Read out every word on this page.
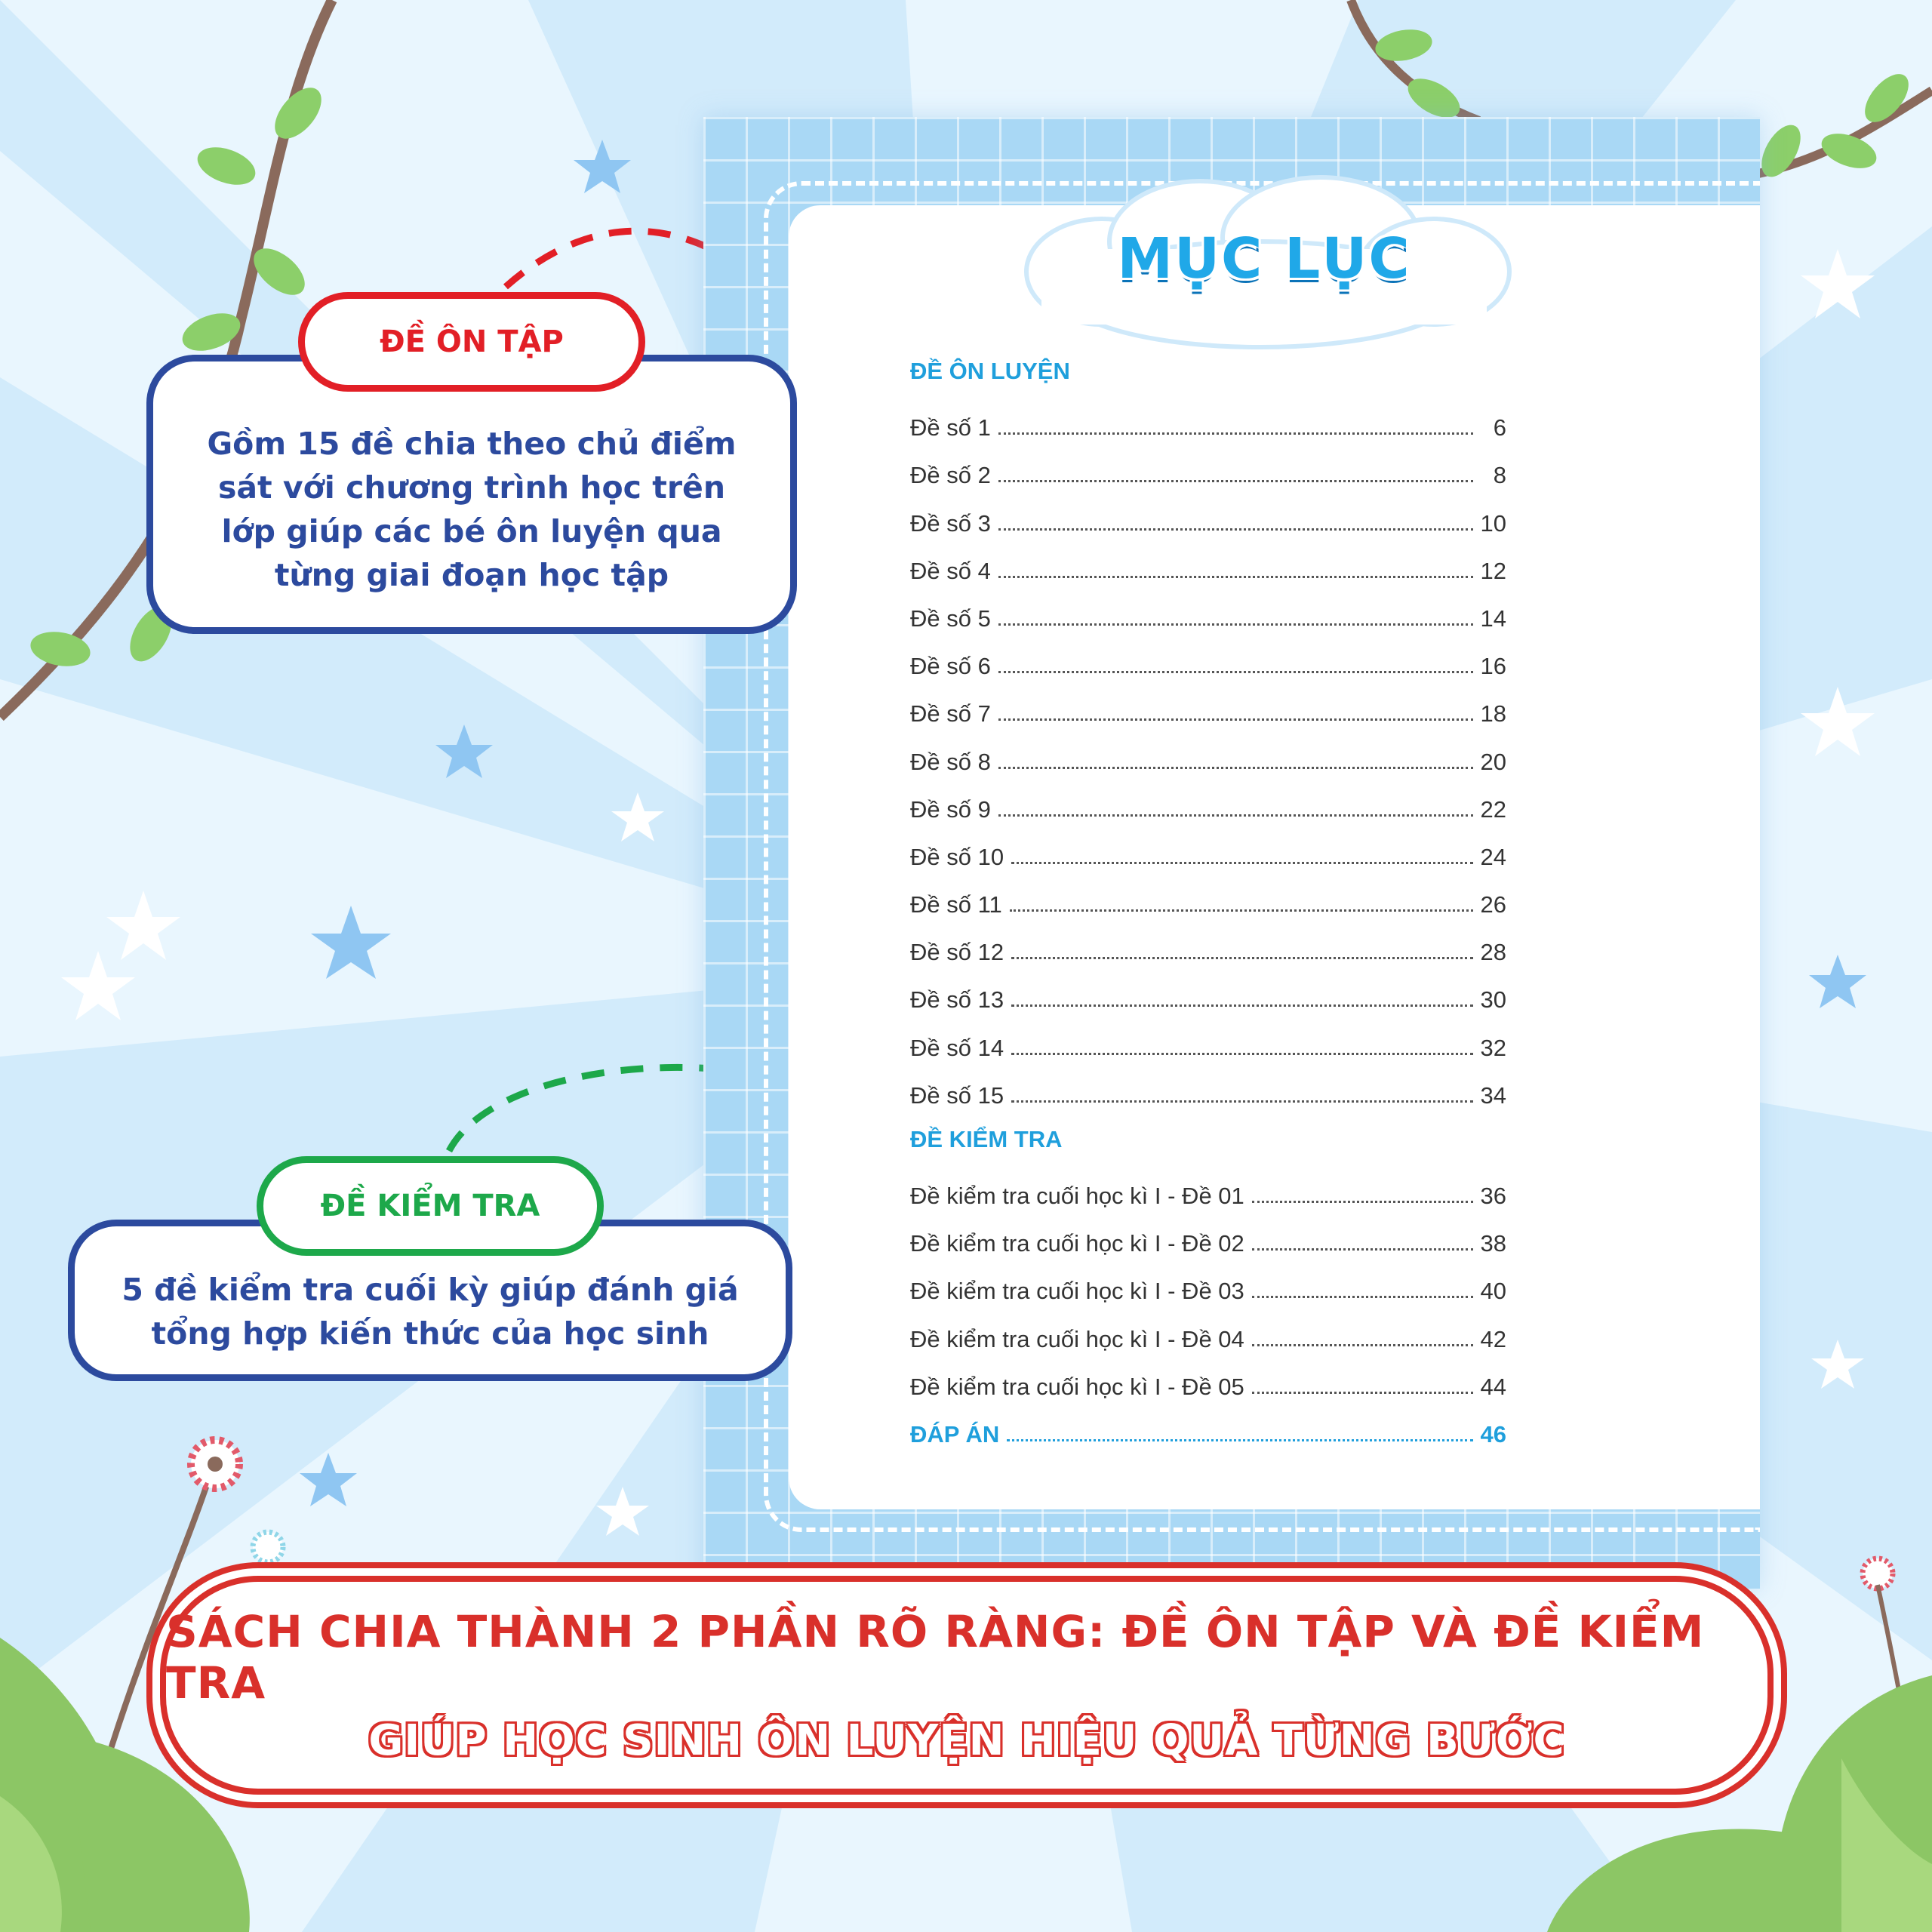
MỤC LỤC
ĐỀ ÔN LUYỆN
Đề số 1	6
Đề số 2	8
Đề số 3	10
Đề số 4	12
Đề số 5	14
Đề số 6	16
Đề số 7	18
Đề số 8	20
Đề số 9	22
Đề số 10	24
Đề số 11	26
Đề số 12	28
Đề số 13	30
Đề số 14	32
Đề số 15	34
ĐỀ KIỂM TRA
Đề kiểm tra cuối học kì I - Đề 01	36
Đề kiểm tra cuối học kì I - Đề 02	38
Đề kiểm tra cuối học kì I - Đề 03	40
Đề kiểm tra cuối học kì I - Đề 04	42
Đề kiểm tra cuối học kì I - Đề 05	44
ĐÁP ÁN	46
Gồm 15 đề chia theo chủ điểm
sát với chương trình học trên
lớp giúp các bé ôn luyện qua
từng giai đoạn học tập
ĐỀ ÔN TẬP
5 đề kiểm tra cuối kỳ giúp đánh giá
tổng hợp kiến thức của học sinh
ĐỀ KIỂM TRA
SÁCH CHIA THÀNH 2 PHẦN RÕ RÀNG: ĐỀ ÔN TẬP VÀ ĐỀ KIỂM TRA
GIÚP HỌC SINH ÔN LUYỆN HIỆU QUẢ TỪNG BƯỚC
